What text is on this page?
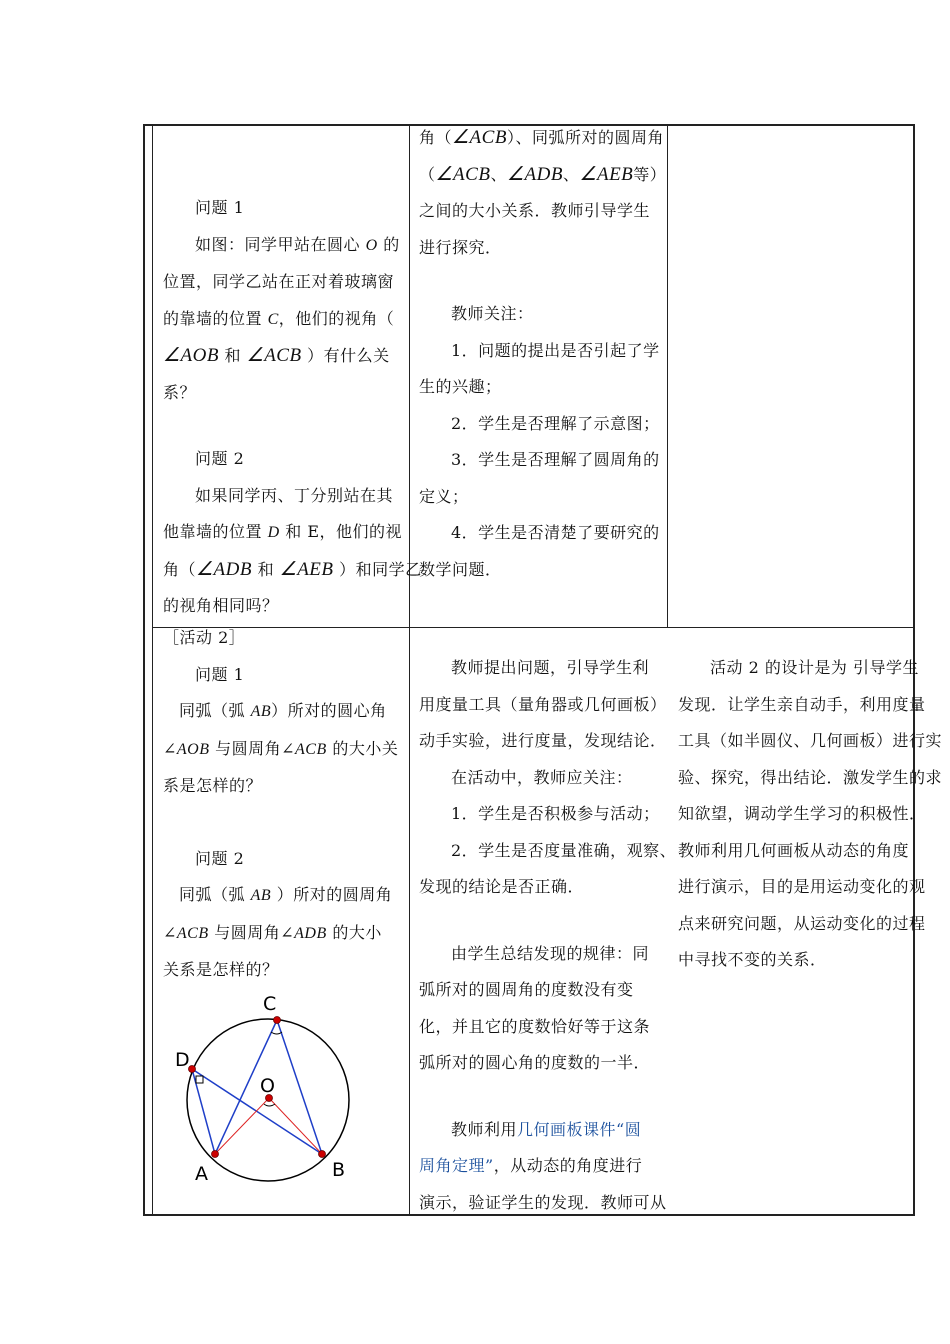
问题 1

如图：同学甲站在圆心 O 的

位置，同学乙站在正对着玻璃窗

的靠墙的位置 C，他们的视角（

∠AOB 和 ∠ACB ）有什么关

系？

问题 2

如果同学丙、丁分别站在其

他靠墙的位置 D 和 E，他们的视

角（∠ADB 和 ∠AEB ）和同学乙

的视角相同吗？

角（∠ACB）、同弧所对的圆周角

（∠ACB、∠ADB、∠AEB等）

之间的大小关系．教师引导学生

进行探究．

教师关注：

1．问题的提出是否引起了学

生的兴趣；

2．学生是否理解了示意图；

3．学生是否理解了圆周角的

定义；

4．学生是否清楚了要研究的

数学问题．

［活动 2］

问题 1

同弧（弧 AB）所对的圆心角

∠AOB 与圆周角∠ACB 的大小关

系是怎样的？

问题 2

同弧（弧 AB ）所对的圆周角

∠ACB 与圆周角∠ADB 的大小

关系是怎样的？

C
D
O
A	B

教师提出问题，引导学生利

用度量工具（量角器或几何画板）

动手实验，进行度量，发现结论．

在活动中，教师应关注：

1．学生是否积极参与活动；

2．学生是否度量准确，观察、

发现的结论是否正确．

由学生总结发现的规律：同

弧所对的圆周角的度数没有变

化，并且它的度数恰好等于这条

弧所对的圆心角的度数的一半．

教师利用几何画板课件“圆

周角定理”，从动态的角度进行

演示，验证学生的发现．教师可从

活动 2 的设计是为 引导学生

发现．让学生亲自动手，利用度量

工具（如半圆仪、几何画板）进行实

验、探究，得出结论．激发学生的求

知欲望，调动学生学习的积极性．

教师利用几何画板从动态的角度

进行演示，目的是用运动变化的观

点来研究问题，从运动变化的过程

中寻找不变的关系．
